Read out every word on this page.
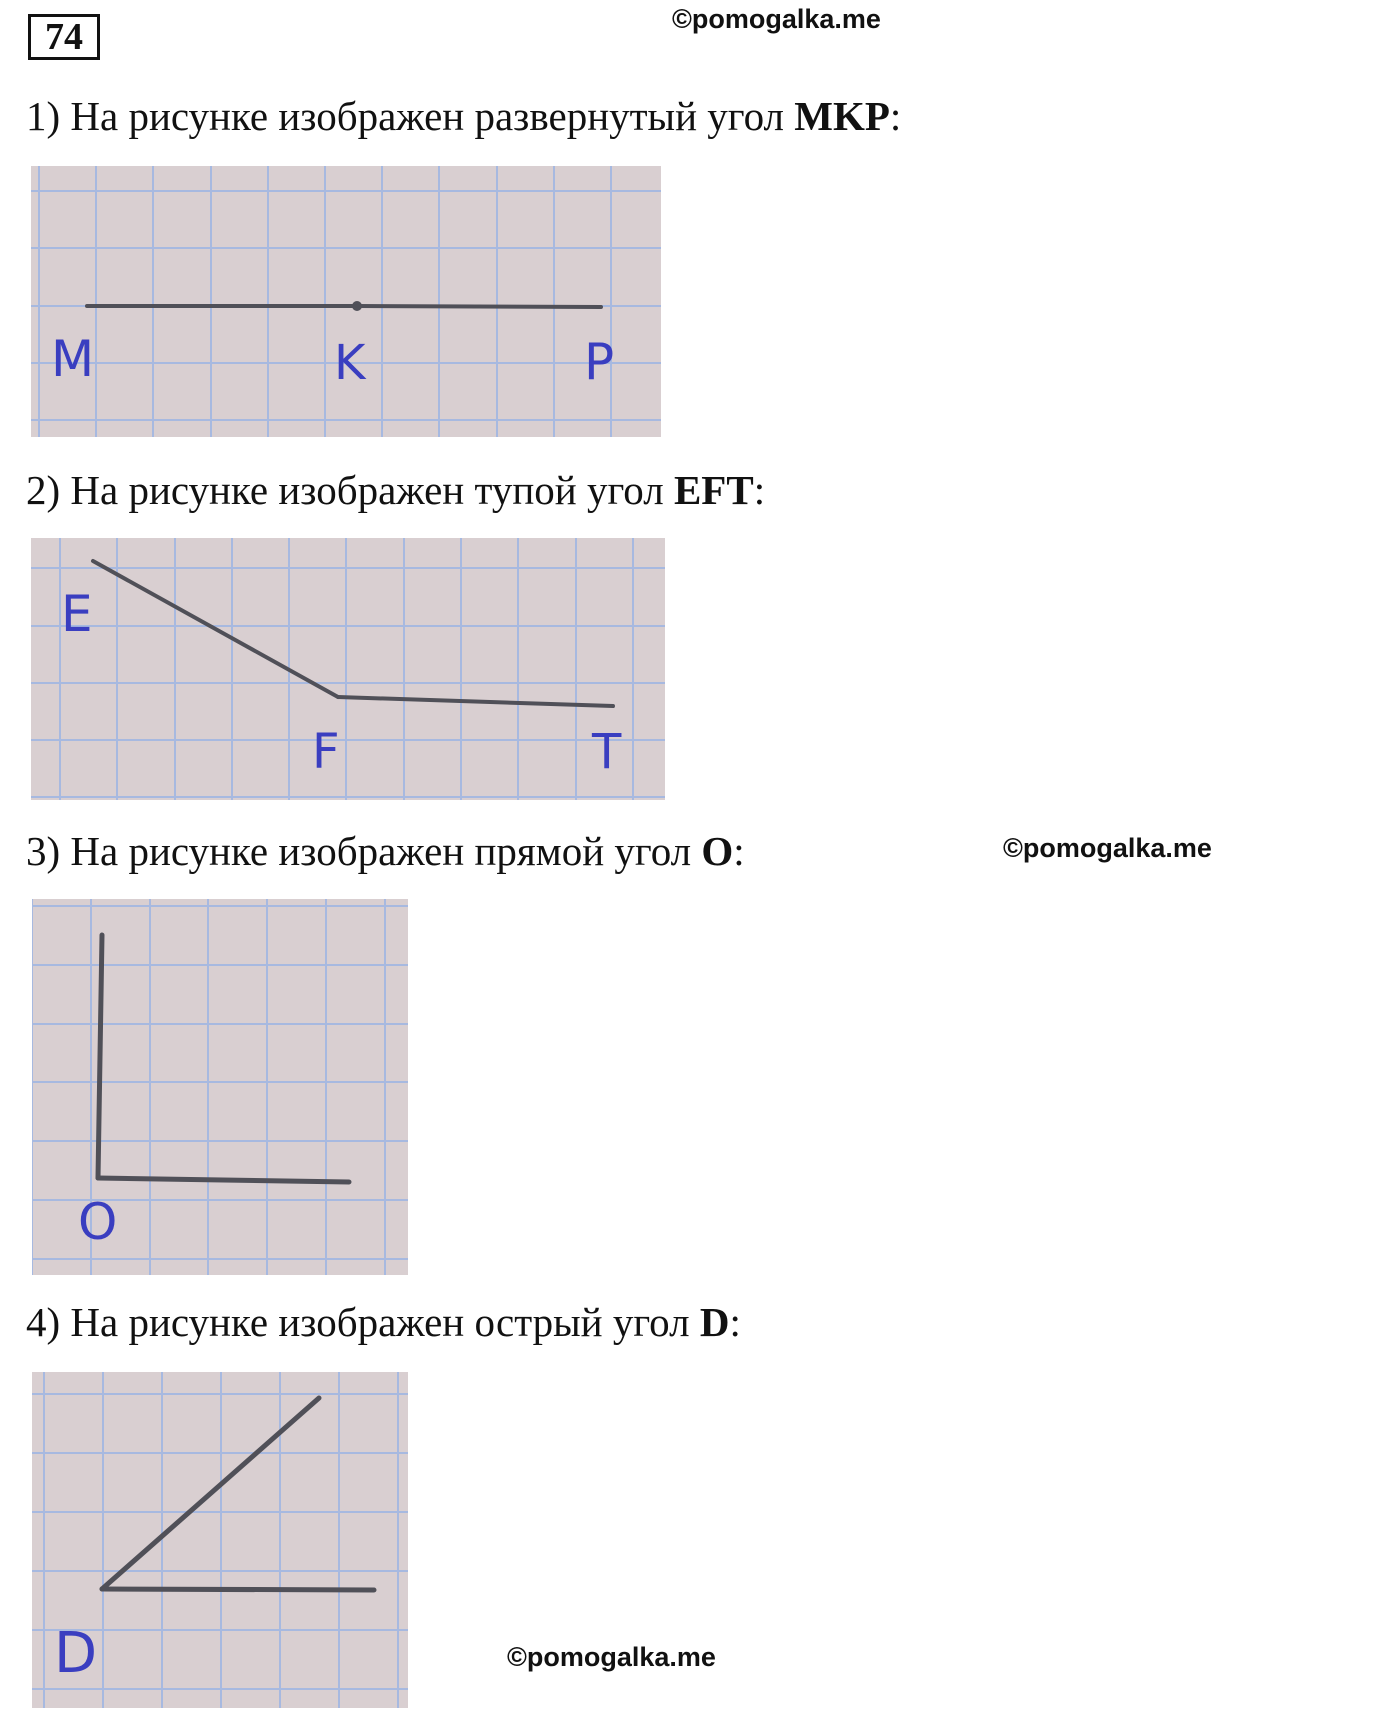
74	©pomogalka.me
©pomogalka.me
©pomogalka.me
1) На рисунке изображен развернутый угол MKP:
M	K	P
2) На рисунке изображен тупой угол EFT:
E
F	T
3) На рисунке изображен прямой угол O:
O
4) На рисунке изображен острый угол D:
D
